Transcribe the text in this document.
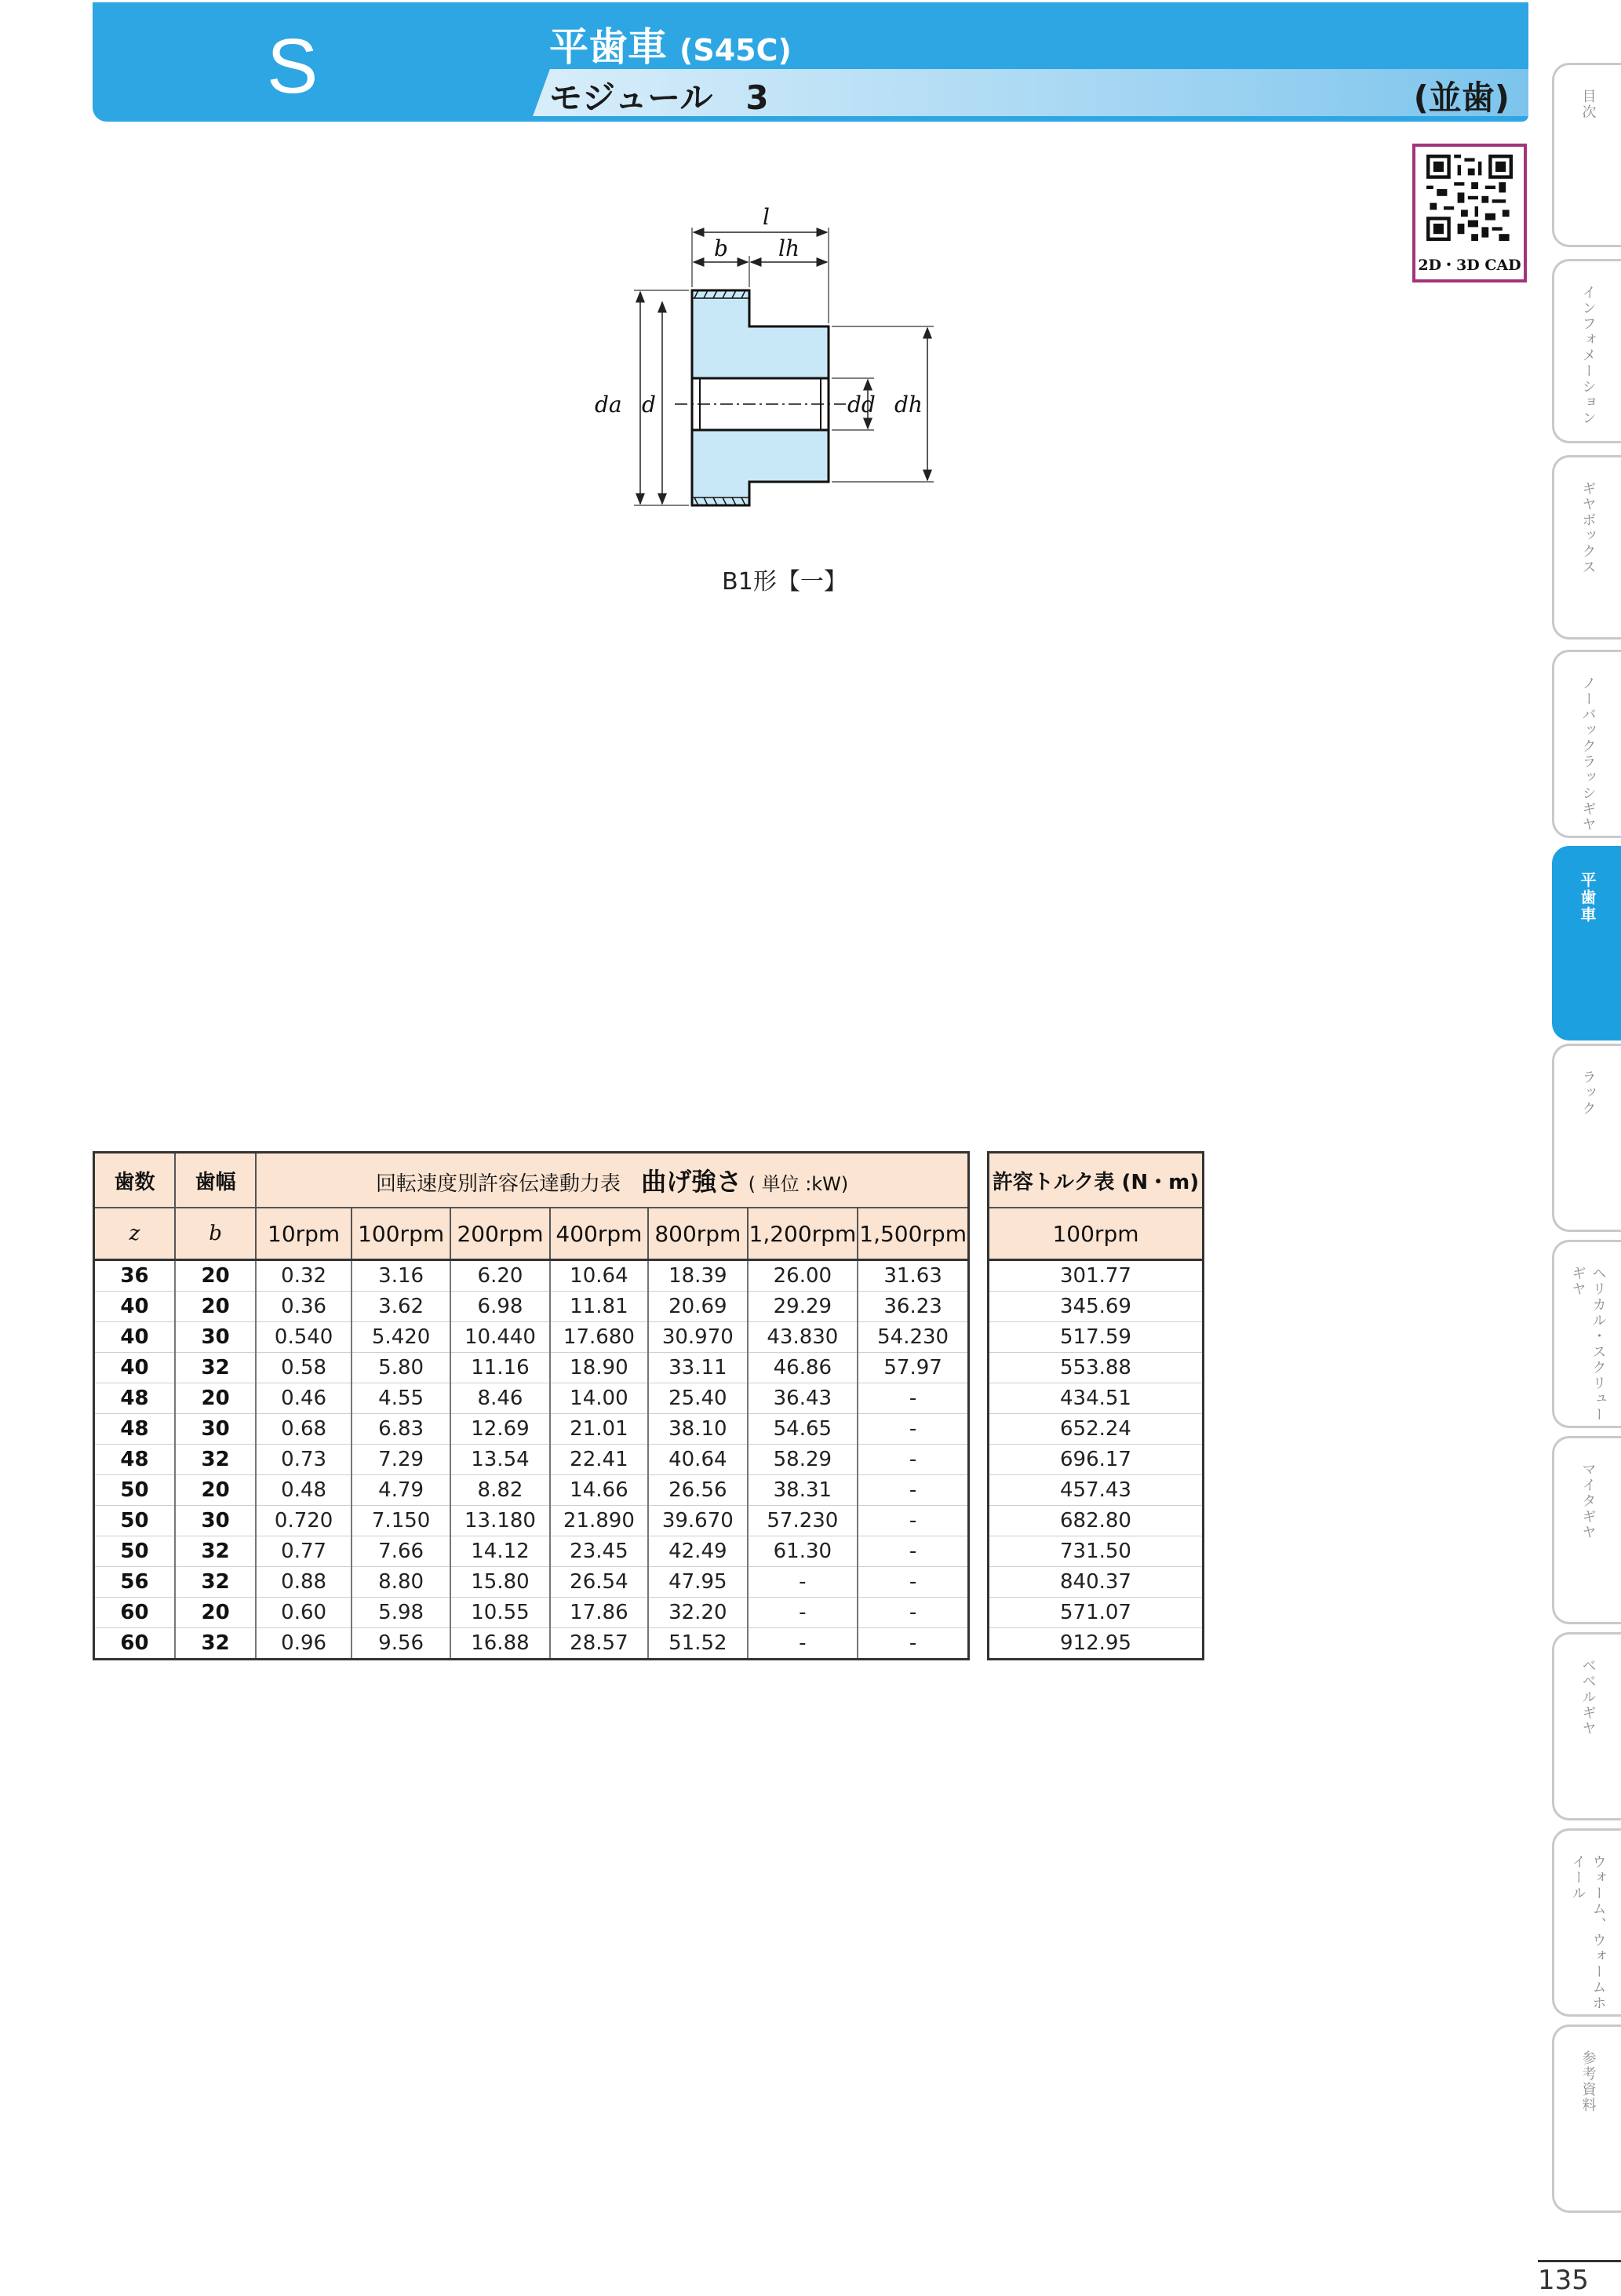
S	平歯車 (S45C)
モジュール　3	(並歯)
2D・3D CAD
目次
インフォメーション
ギヤボックス
ノーバックラッシギヤ
平歯車
ラック
ヘリカル・スクリューギヤ
マイタギヤ
ベベルギヤ
ウォーム、ウォームホイール
参考資料
l
b lh
da d	dd dh
B1形【一】
歯数	歯幅	回転速度別許容伝達動力表 曲げ強さ ( 単位 :kW)						
z	b	10rpm	100rpm	200rpm	400rpm	800rpm	1,200rpm	1,500rpm
36	20	0.32	3.16	6.20	10.64	18.39	26.00	31.63
40	20	0.36	3.62	6.98	11.81	20.69	29.29	36.23
40	30	0.540	5.420	10.440	17.680	30.970	43.830	54.230
40	32	0.58	5.80	11.16	18.90	33.11	46.86	57.97
48	20	0.46	4.55	8.46	14.00	25.40	36.43	-
48	30	0.68	6.83	12.69	21.01	38.10	54.65	-
48	32	0.73	7.29	13.54	22.41	40.64	58.29	-
50	20	0.48	4.79	8.82	14.66	26.56	38.31	-
50	30	0.720	7.150	13.180	21.890	39.670	57.230	-
50	32	0.77	7.66	14.12	23.45	42.49	61.30	-
56	32	0.88	8.80	15.80	26.54	47.95	-	-
60	20	0.60	5.98	10.55	17.86	32.20	-	-
60	32	0.96	9.56	16.88	28.57	51.52	-	-
許容トルク表 (N・m)
100rpm
301.77
345.69
517.59
553.88
434.51
652.24
696.17
457.43
682.80
731.50
840.37
571.07
912.95
135
